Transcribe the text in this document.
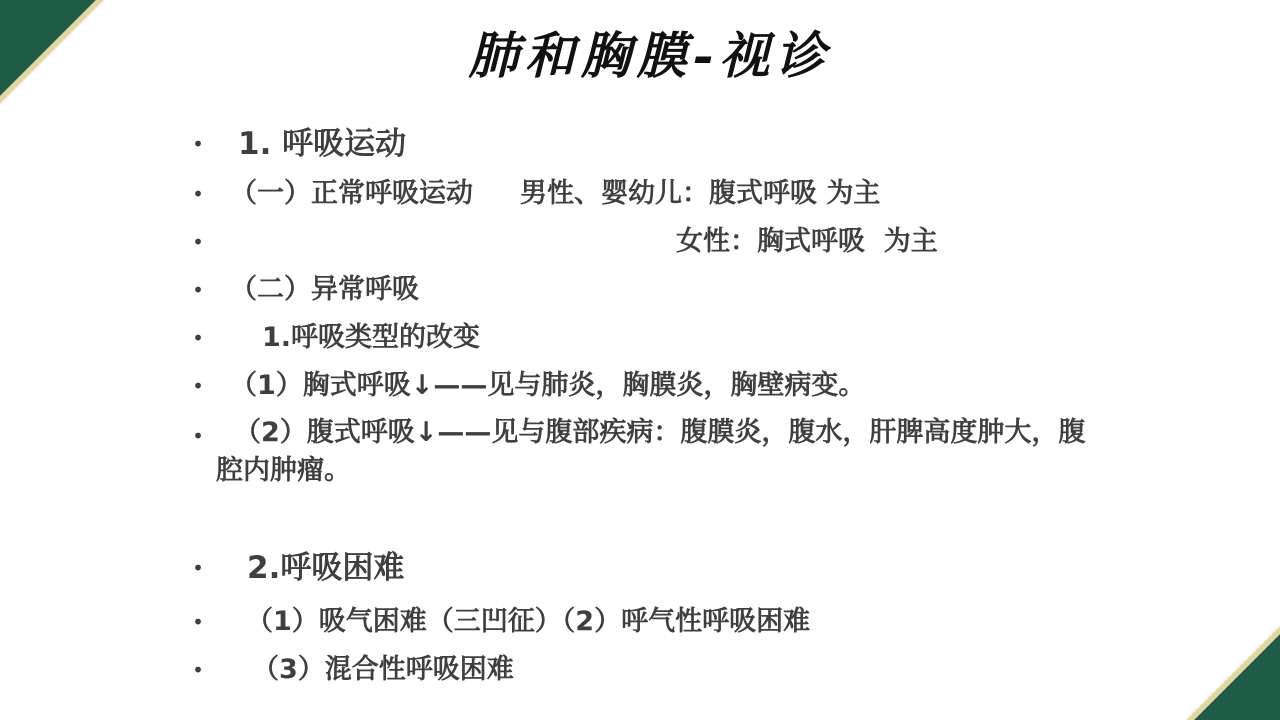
肺和胸膜-视诊
• 1. 呼吸运动
• （一）正常呼吸运动     男性、婴幼儿：腹式呼吸 为主
•	女性：胸式呼吸  为主
• （二）异常呼吸
• 1.呼吸类型的改变
• （1）胸式呼吸↓——见与肺炎，胸膜炎，胸壁病变。
•	（2）腹式呼吸↓——见与腹部疾病：腹膜炎，腹水，肝脾高度肿大，腹腔内肿瘤。
• 2.呼吸困难
• （1）吸气困难（三凹征）（2）呼气性呼吸困难
• （3）混合性呼吸困难
